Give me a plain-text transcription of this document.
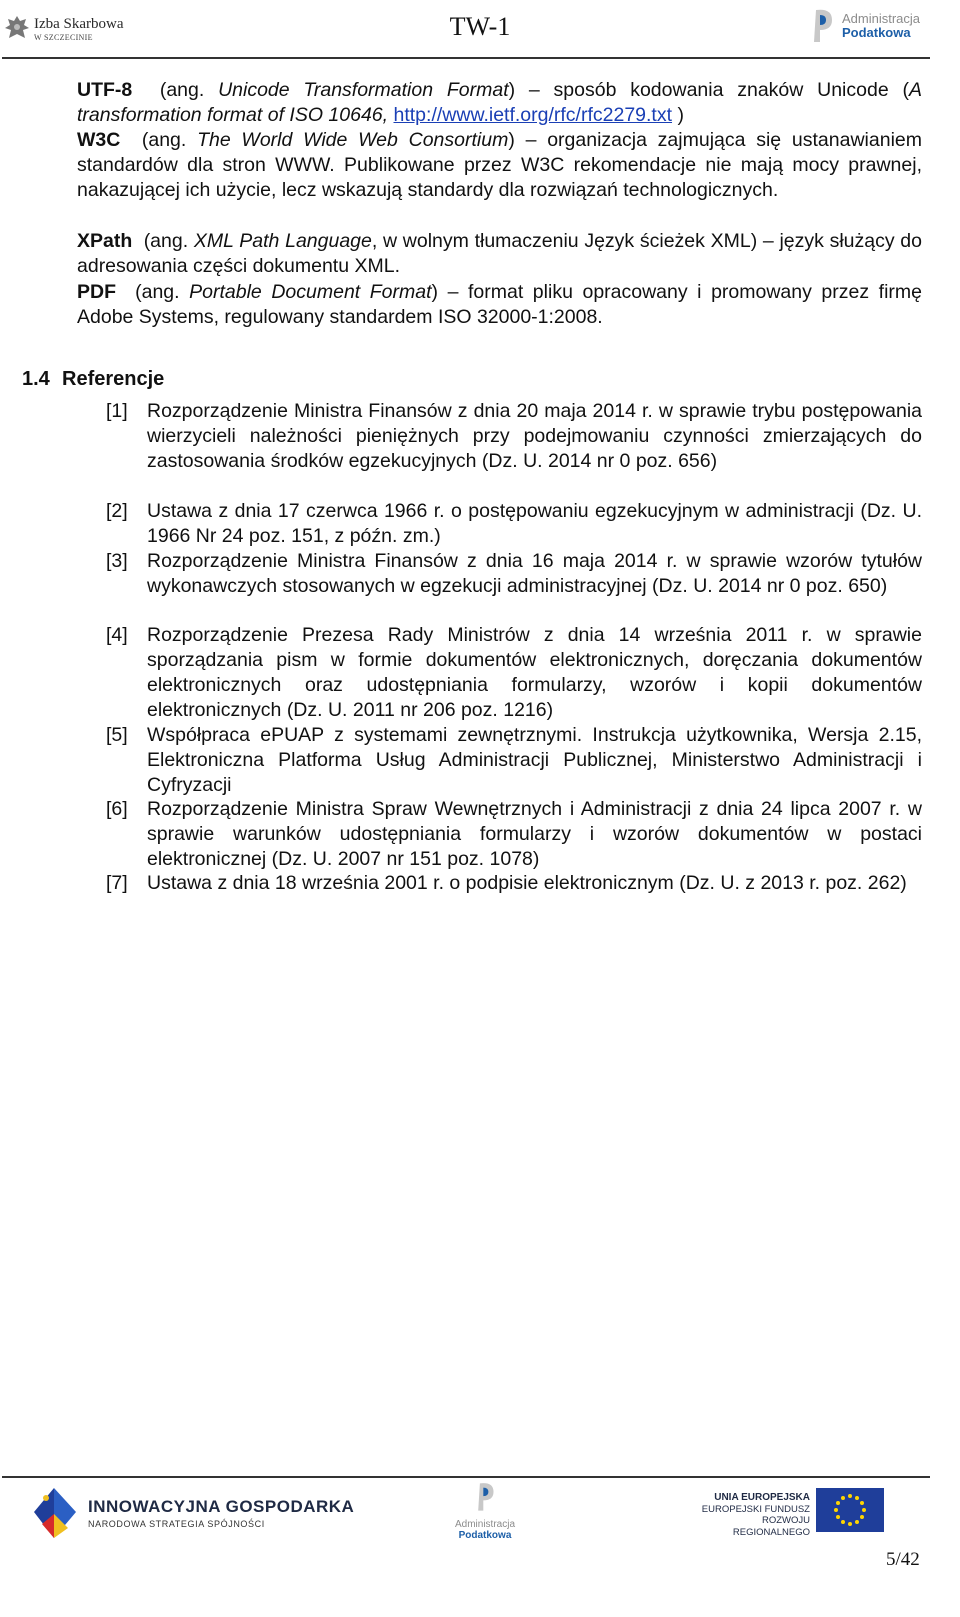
Izba Skarbowa
W SZCZECINIE	TW-1	Administracja
Podatkowa
UTF-8 (ang. Unicode Transformation Format) – sposób kodowania znaków Unicode (A transformation format of ISO 10646, http://www.ietf.org/rfc/rfc2279.txt )
W3C (ang. The World Wide Web Consortium) – organizacja zajmująca się ustanawianiem standardów dla stron WWW. Publikowane przez W3C rekomendacje nie mają mocy prawnej, nakazującej ich użycie, lecz wskazują standardy dla rozwiązań technologicznych.
XPath (ang. XML Path Language, w wolnym tłumaczeniu Język ścieżek XML) – język służący do adresowania części dokumentu XML.
PDF (ang. Portable Document Format) – format pliku opracowany i promowany przez firmę Adobe Systems, regulowany standardem ISO 32000-1:2008.
1.4 Referencje
[1] Rozporządzenie Ministra Finansów z dnia 20 maja 2014 r. w sprawie trybu postępowania wierzycieli należności pieniężnych przy podejmowaniu czynności zmierzających do zastosowania środków egzekucyjnych (Dz. U. 2014 nr 0 poz. 656)
[2] Ustawa z dnia 17 czerwca 1966 r. o postępowaniu egzekucyjnym w administracji (Dz. U. 1966 Nr 24 poz. 151, z późn. zm.)
[3] Rozporządzenie Ministra Finansów z dnia 16 maja 2014 r. w sprawie wzorów tytułów wykonawczych stosowanych w egzekucji administracyjnej (Dz. U. 2014 nr 0 poz. 650)
[4] Rozporządzenie Prezesa Rady Ministrów z dnia 14 września 2011 r. w sprawie sporządzania pism w formie dokumentów elektronicznych, doręczania dokumentów elektronicznych oraz udostępniania formularzy, wzorów i kopii dokumentów elektronicznych (Dz. U. 2011 nr 206 poz. 1216)
[5] Współpraca ePUAP z systemami zewnętrznymi. Instrukcja użytkownika, Wersja 2.15, Elektroniczna Platforma Usług Administracji Publicznej, Ministerstwo Administracji i Cyfryzacji
[6] Rozporządzenie Ministra Spraw Wewnętrznych i Administracji z dnia 24 lipca 2007 r. w sprawie warunków udostępniania formularzy i wzorów dokumentów w postaci elektronicznej (Dz. U. 2007 nr 151 poz. 1078)
[7] Ustawa z dnia 18 września 2001 r. o podpisie elektronicznym (Dz. U. z 2013 r. poz. 262)
INNOWACYJNA GOSPODARKA
NARODOWA STRATEGIA SPÓJNOŚCI	Administracja
Podatkowa
UNIA EUROPEJSKA
EUROPEJSKI FUNDUSZ
ROZWOJU REGIONALNEGO
5/42
